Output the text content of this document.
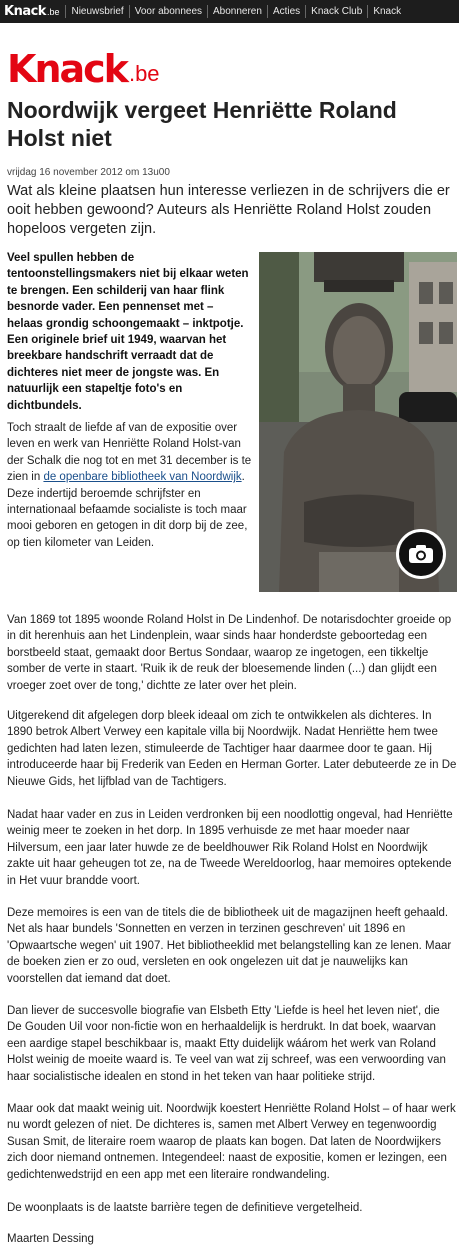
Knack .be	Nieuwsbrief	Voor abonnees	Abonneren	Acties	Knack Club	Knack
Knack .be
Noordwijk vergeet Henriëtte Roland Holst niet
vrijdag 16 november 2012 om 13u00

Wat als kleine plaatsen hun interesse verliezen in de schrijvers die er ooit hebben gewoond? Auteurs als Henriëtte Roland Holst zouden hopeloos vergeten zijn.

Veel spullen hebben de tentoonstellingsmakers niet bij elkaar weten te brengen. Een schilderij van haar flink besnorde vader. Een pennenset met – helaas grondig schoongemaakt – inktpotje. Een originele brief uit 1949, waarvan het breekbare handschrift verraadt dat de dichteres niet meer de jongste was. En natuurlijk een stapeltje foto's en dichtbundels.

Toch straalt de liefde af van de expositie over leven en werk van Henriëtte Roland Holst-van der Schalk die nog tot en met 31 december is te zien in de openbare bibliotheek van Noordwijk. Deze indertijd beroemde schrijfster en internationaal befaamde socialiste is toch maar mooi geboren en getogen in dit dorp bij de zee, op tien kilometer van Leiden.

Van 1869 tot 1895 woonde Roland Holst in De Lindenhof. De notarisdochter groeide op in dit herenhuis aan het Lindenplein, waar sinds haar honderdste geboortedag een borstbeeld staat, gemaakt door Bertus Sondaar, waarop ze ingetogen, een tikkeltje somber de verte in staart. 'Ruik ik de reuk der bloesemende linden (...) dan glijdt een vroeger zoet over de tong,' dichtte ze later over het plein.

Uitgerekend dit afgelegen dorp bleek ideaal om zich te ontwikkelen als dichteres. In 1890 betrok Albert Verwey een kapitale villa bij Noordwijk. Nadat Henriëtte hem twee gedichten had laten lezen, stimuleerde de Tachtiger haar daarmee door te gaan. Hij introduceerde haar bij Frederik van Eeden en Herman Gorter. Later debuteerde ze in De Nieuwe Gids, het lijfblad van de Tachtigers.

Nadat haar vader en zus in Leiden verdronken bij een noodlottig ongeval, had Henriëtte weinig meer te zoeken in het dorp. In 1895 verhuisde ze met haar moeder naar Hilversum, een jaar later huwde ze de beeldhouwer Rik Roland Holst en Noordwijk zakte uit haar geheugen tot ze, na de Tweede Wereldoorlog, haar memoires optekende in Het vuur brandde voort.

Deze memoires is een van de titels die de bibliotheek uit de magazijnen heeft gehaald. Net als haar bundels 'Sonnetten en verzen in terzinen geschreven' uit 1896 en 'Opwaartsche wegen' uit 1907. Het bibliotheeklid met belangstelling kan ze lenen. Maar de boeken zien er zo oud, versleten en ook ongelezen uit dat je nauwelijks kan voorstellen dat iemand dat doet.

Dan liever de succesvolle biografie van Elsbeth Etty 'Liefde is heel het leven niet', die De Gouden Uil voor non-fictie won en herhaaldelijk is herdrukt. In dat boek, waarvan een aardige stapel beschikbaar is, maakt Etty duidelijk wáárom het werk van Roland Holst weinig de moeite waard is. Te veel van wat zij schreef, was een verwoording van haar socialistische idealen en stond in het teken van haar politieke strijd.

Maar ook dat maakt weinig uit. Noordwijk koestert Henriëtte Roland Holst – of haar werk nu wordt gelezen of niet. De dichteres is, samen met Albert Verwey en tegenwoordig Susan Smit, de literaire roem waarop de plaats kan bogen. Dat laten de Noordwijkers zich door niemand ontnemen. Integendeel: naast de expositie, komen er lezingen, een gedichtenwedstrijd en een app met een literaire rondwandeling.

De woonplaats is de laatste barrière tegen de definitieve vergetelheid.

Maarten Dessing
